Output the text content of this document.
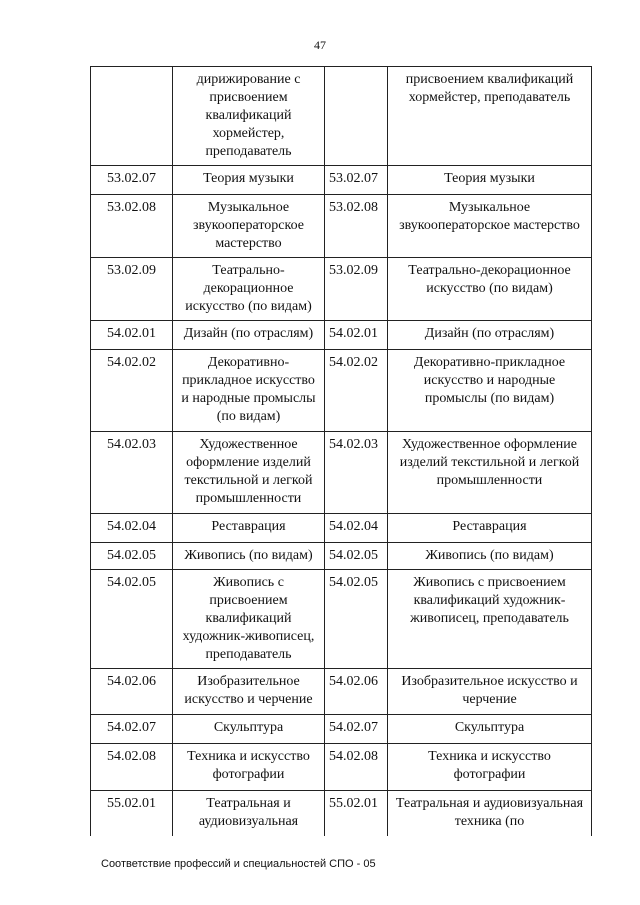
47
	дирижирование с присвоением квалификаций хормейстер, преподаватель		присвоением квалификаций хормейстер, преподаватель
53.02.07	Теория музыки	53.02.07	Теория музыки
53.02.08	Музыкальное звукооператорское мастерство	53.02.08	Музыкальное звукооператорское мастерство
53.02.09	Театрально-декорационное искусство (по видам)	53.02.09	Театрально-декорационное искусство (по видам)
54.02.01	Дизайн (по отраслям)	54.02.01	Дизайн (по отраслям)
54.02.02	Декоративно-прикладное искусство и народные промыслы (по видам)	54.02.02	Декоративно-прикладное искусство и народные промыслы (по видам)
54.02.03	Художественное оформление изделий текстильной и легкой промышленности	54.02.03	Художественное оформление изделий текстильной и легкой промышленности
54.02.04	Реставрация	54.02.04	Реставрация
54.02.05	Живопись (по видам)	54.02.05	Живопись (по видам)
54.02.05	Живопись с присвоением квалификаций художник-живописец, преподаватель	54.02.05	Живопись с присвоением квалификаций художник-живописец, преподаватель
54.02.06	Изобразительное искусство и черчение	54.02.06	Изобразительное искусство и черчение
54.02.07	Скульптура	54.02.07	Скульптура
54.02.08	Техника и искусство фотографии	54.02.08	Техника и искусство фотографии
55.02.01	Театральная и аудиовизуальная	55.02.01	Театральная и аудиовизуальная техника (по
Соответствие профессий и специальностей СПО - 05
